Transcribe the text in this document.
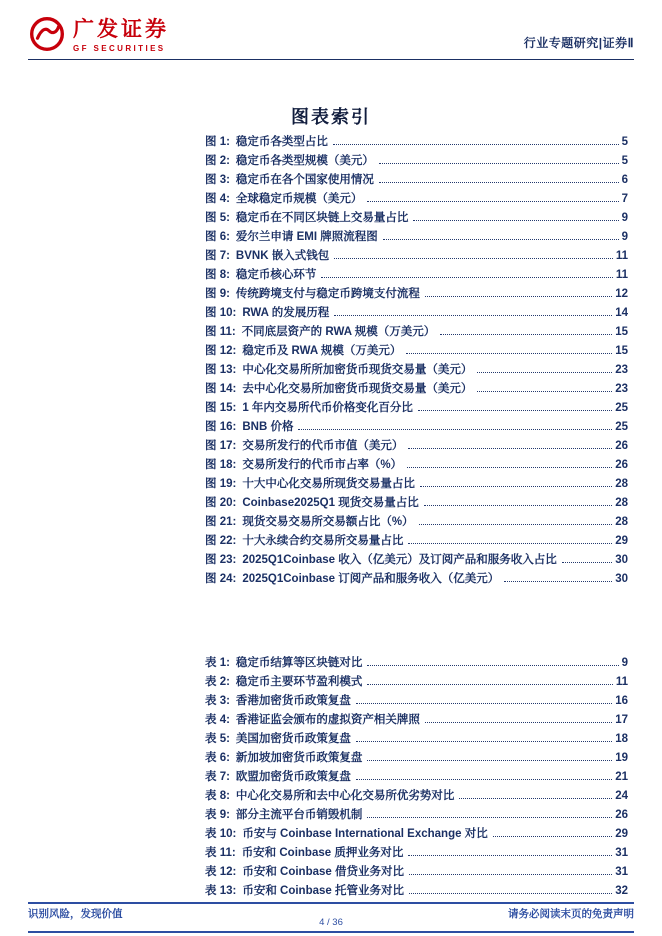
广发证券
GF SECURITIES	行业专题研究|证券Ⅱ
图表索引
图 1: 稳定币各类型占比	5
图 2: 稳定币各类型规模（美元）	5
图 3: 稳定币在各个国家使用情况	6
图 4: 全球稳定币规模（美元）	7
图 5: 稳定币在不同区块链上交易量占比	9
图 6: 爱尔兰申请 EMI 牌照流程图	9
图 7: BVNK 嵌入式钱包	11
图 8: 稳定币核心环节	11
图 9: 传统跨境支付与稳定币跨境支付流程	12
图 10: RWA 的发展历程	14
图 11: 不同底层资产的 RWA 规模（万美元）	15
图 12: 稳定币及 RWA 规模（万美元）	15
图 13: 中心化交易所所加密货币现货交易量（美元）	23
图 14: 去中心化交易所加密货币现货交易量（美元）	23
图 15: 1 年内交易所代币价格变化百分比	25
图 16: BNB 价格	25
图 17: 交易所发行的代币市值（美元）	26
图 18: 交易所发行的代币市占率（%）	26
图 19: 十大中心化交易所现货交易量占比	28
图 20: Coinbase2025Q1 现货交易量占比	28
图 21: 现货交易交易所交易额占比（%）	28
图 22: 十大永续合约交易所交易量占比	29
图 23: 2025Q1Coinbase 收入（亿美元）及订阅产品和服务收入占比	30
图 24: 2025Q1Coinbase 订阅产品和服务收入（亿美元）	30
表 1: 稳定币结算等区块链对比	9
表 2: 稳定币主要环节盈利模式	11
表 3: 香港加密货币政策复盘	16
表 4: 香港证监会颁布的虚拟资产相关牌照	17
表 5: 美国加密货币政策复盘	18
表 6: 新加坡加密货币政策复盘	19
表 7: 欧盟加密货币政策复盘	21
表 8: 中心化交易所和去中心化交易所优劣势对比	24
表 9: 部分主流平台币销毁机制	26
表 10: 币安与 Coinbase International Exchange 对比	29
表 11: 币安和 Coinbase 质押业务对比	31
表 12: 币安和 Coinbase 借贷业务对比	31
表 13: 币安和 Coinbase 托管业务对比	32
识别风险，发现价值	请务必阅读末页的免责声明
4 / 36
